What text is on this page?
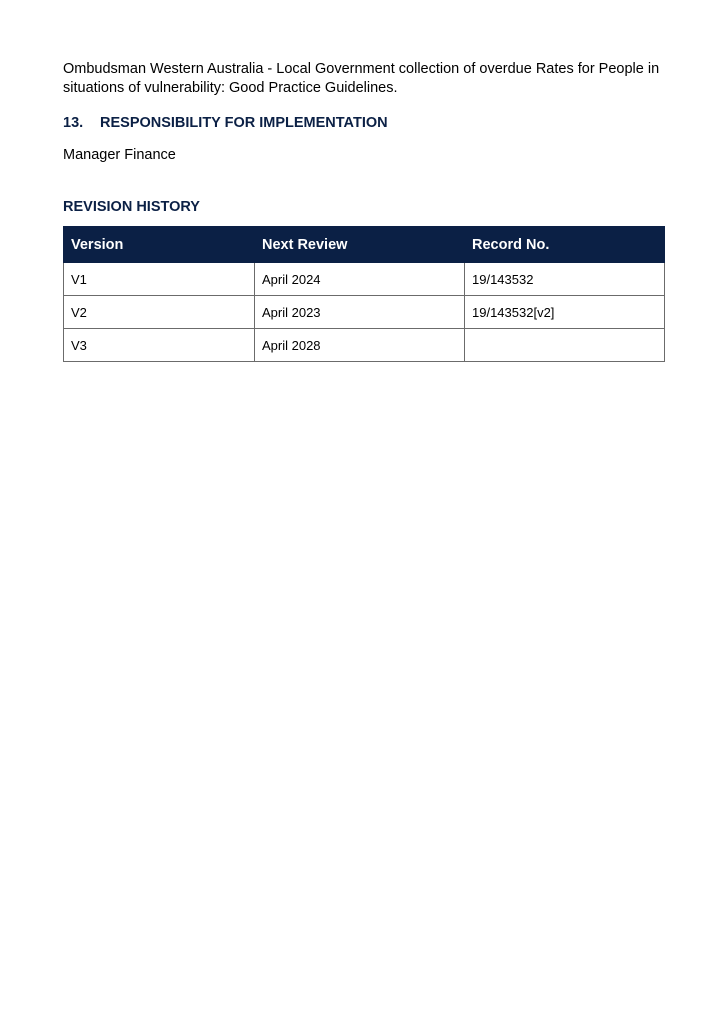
Ombudsman Western Australia - Local Government collection of overdue Rates for People in situations of vulnerability: Good Practice Guidelines.

13.	RESPONSIBILITY FOR IMPLEMENTATION
Manager Finance
REVISION HISTORY
Version	Next Review	Record No.
V1	April 2024	19/143532
V2	April 2023	19/143532[v2]
V3	April 2028	
